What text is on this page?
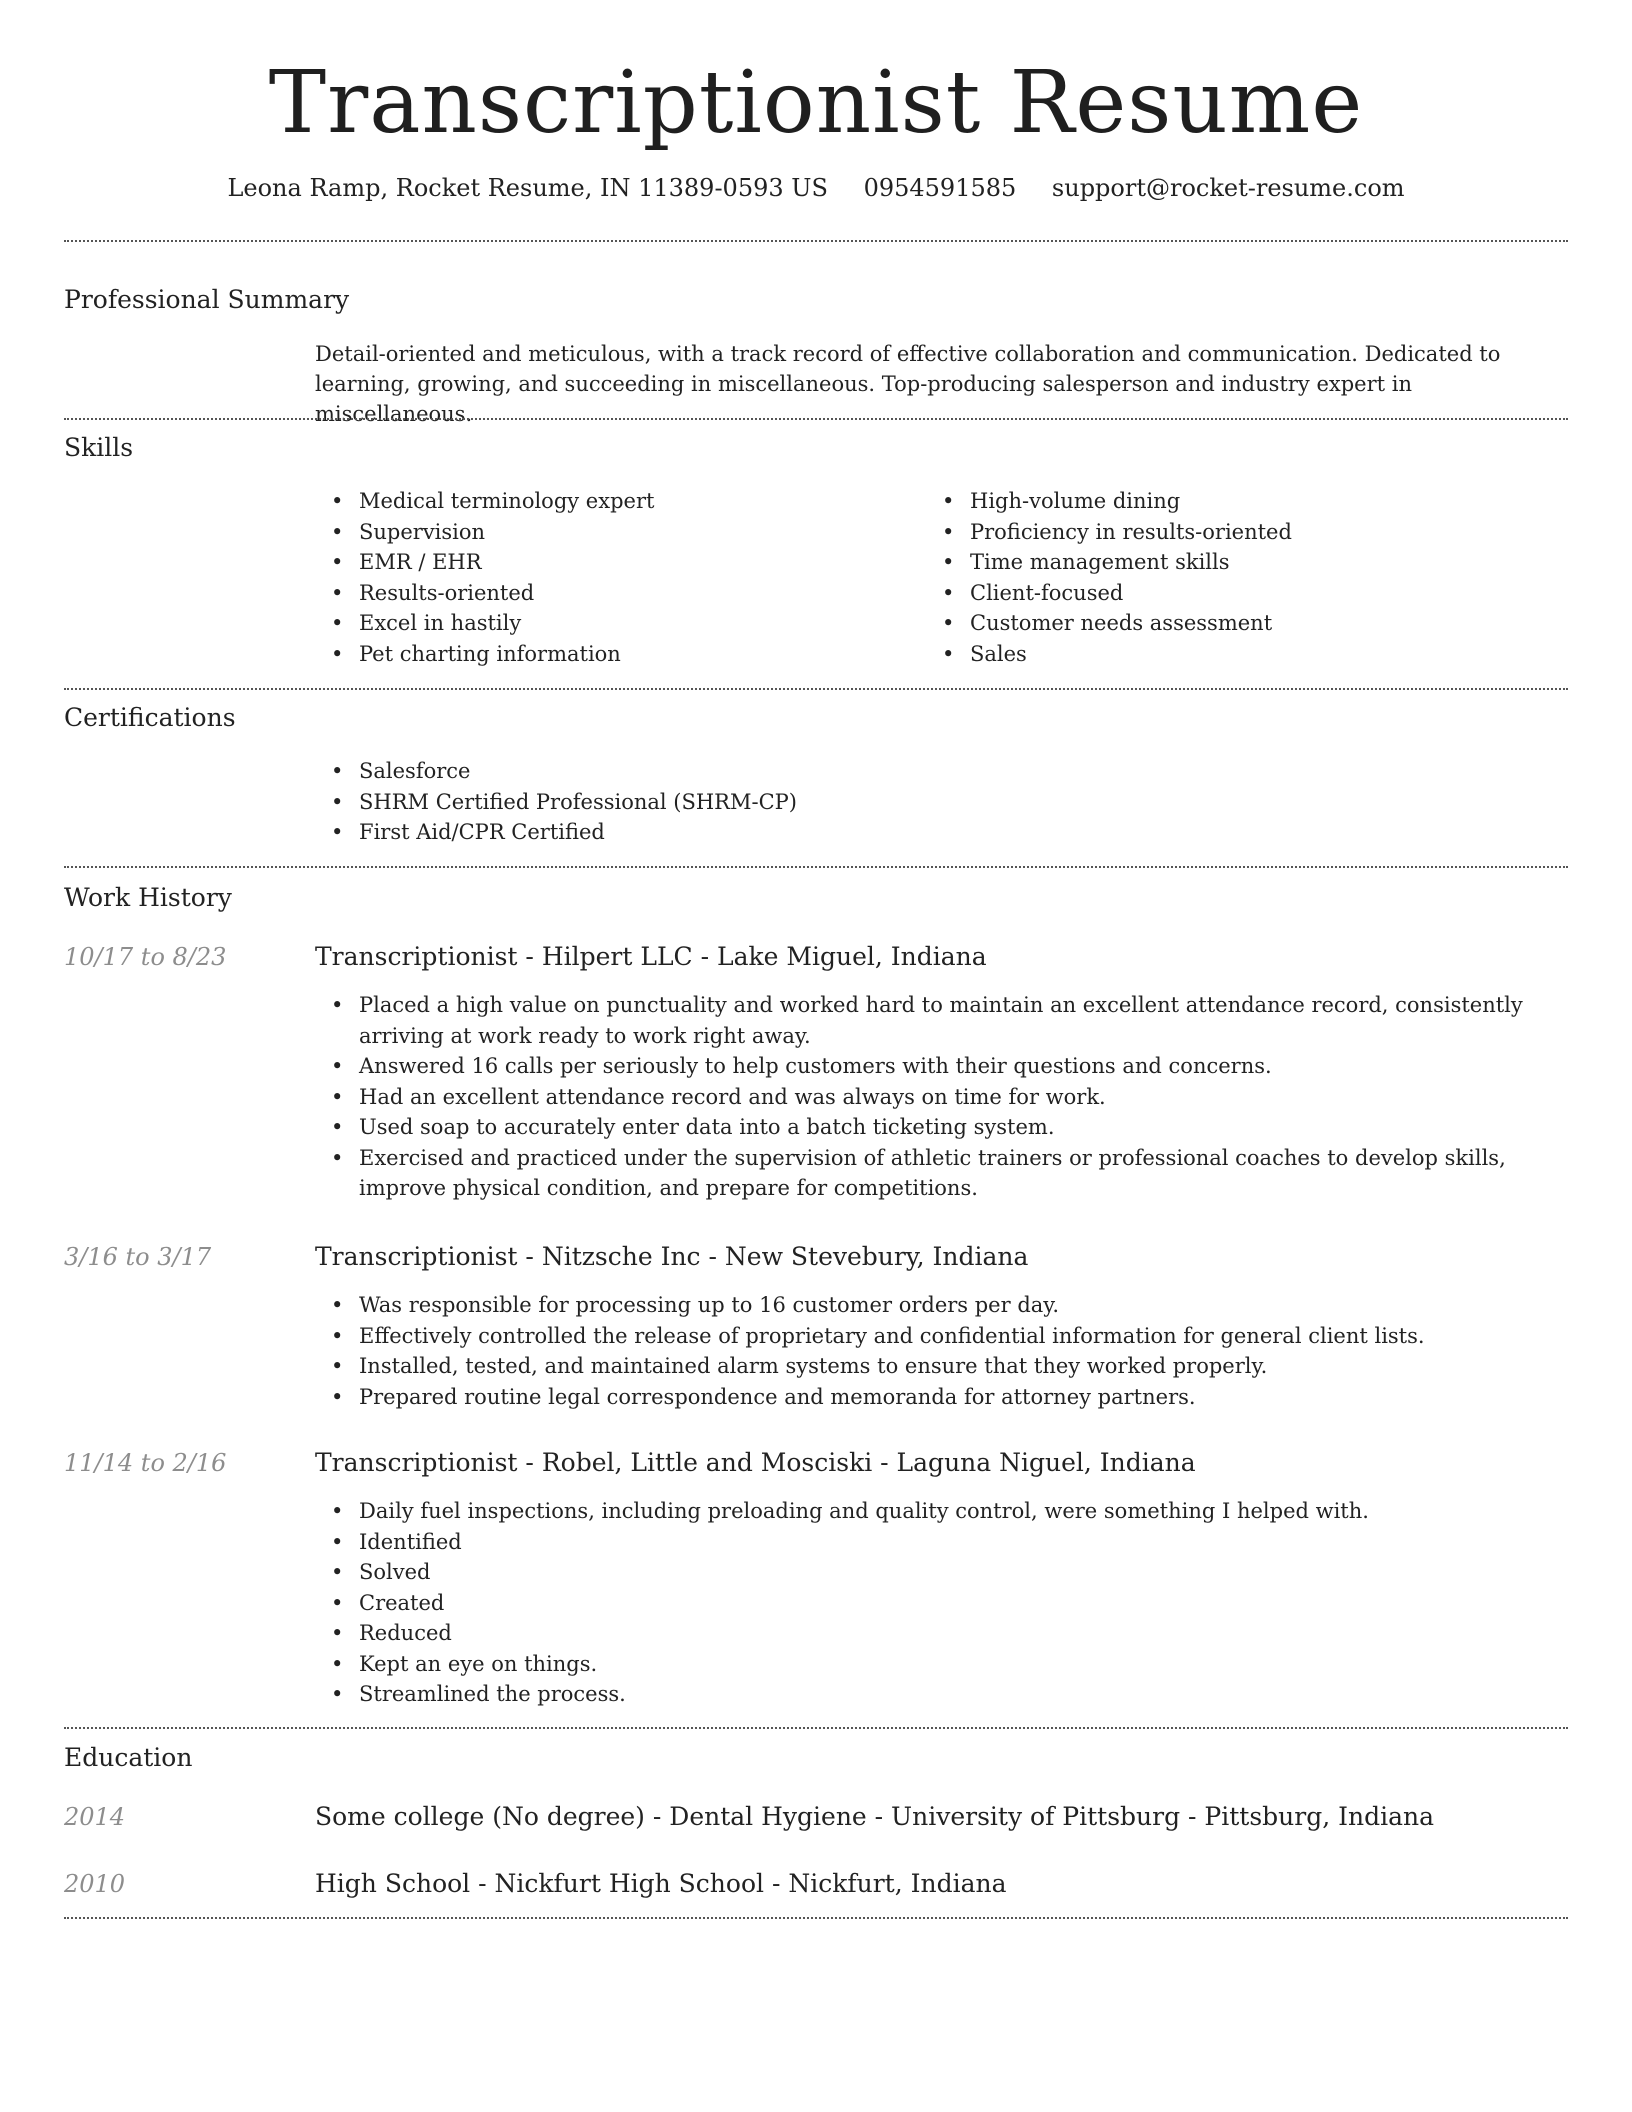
Transcriptionist Resume
Leona Ramp, Rocket Resume, IN 11389-0593 US 0954591585 support@rocket-resume.com
Professional Summary
Detail-oriented and meticulous, with a track record of effective collaboration and communication. Dedicated to learning, growing, and succeeding in miscellaneous. Top-producing salesperson and industry expert in miscellaneous.
Skills
• Medical terminology expert
• Supervision
• EMR / EHR
• Results-oriented
• Excel in hastily
• Pet charting information
• High-volume dining
• Proficiency in results-oriented
• Time management skills
• Client-focused
• Customer needs assessment
• Sales
Certifications
• Salesforce
• SHRM Certified Professional (SHRM-CP)
• First Aid/CPR Certified
Work History
10/17 to 8/23	Transcriptionist - Hilpert LLC - Lake Miguel, Indiana
• Placed a high value on punctuality and worked hard to maintain an excellent attendance record, consistently arriving at work ready to work right away.
• Answered 16 calls per seriously to help customers with their questions and concerns.
• Had an excellent attendance record and was always on time for work.
• Used soap to accurately enter data into a batch ticketing system.
• Exercised and practiced under the supervision of athletic trainers or professional coaches to develop skills, improve physical condition, and prepare for competitions.
3/16 to 3/17	Transcriptionist - Nitzsche Inc - New Stevebury, Indiana
• Was responsible for processing up to 16 customer orders per day.
• Effectively controlled the release of proprietary and confidential information for general client lists.
• Installed, tested, and maintained alarm systems to ensure that they worked properly.
• Prepared routine legal correspondence and memoranda for attorney partners.
11/14 to 2/16	Transcriptionist - Robel, Little and Mosciski - Laguna Niguel, Indiana
• Daily fuel inspections, including preloading and quality control, were something I helped with.
• Identified
• Solved
• Created
• Reduced
• Kept an eye on things.
• Streamlined the process.
Education
2014	Some college (No degree) - Dental Hygiene - University of Pittsburg - Pittsburg, Indiana
2010	High School - Nickfurt High School - Nickfurt, Indiana
